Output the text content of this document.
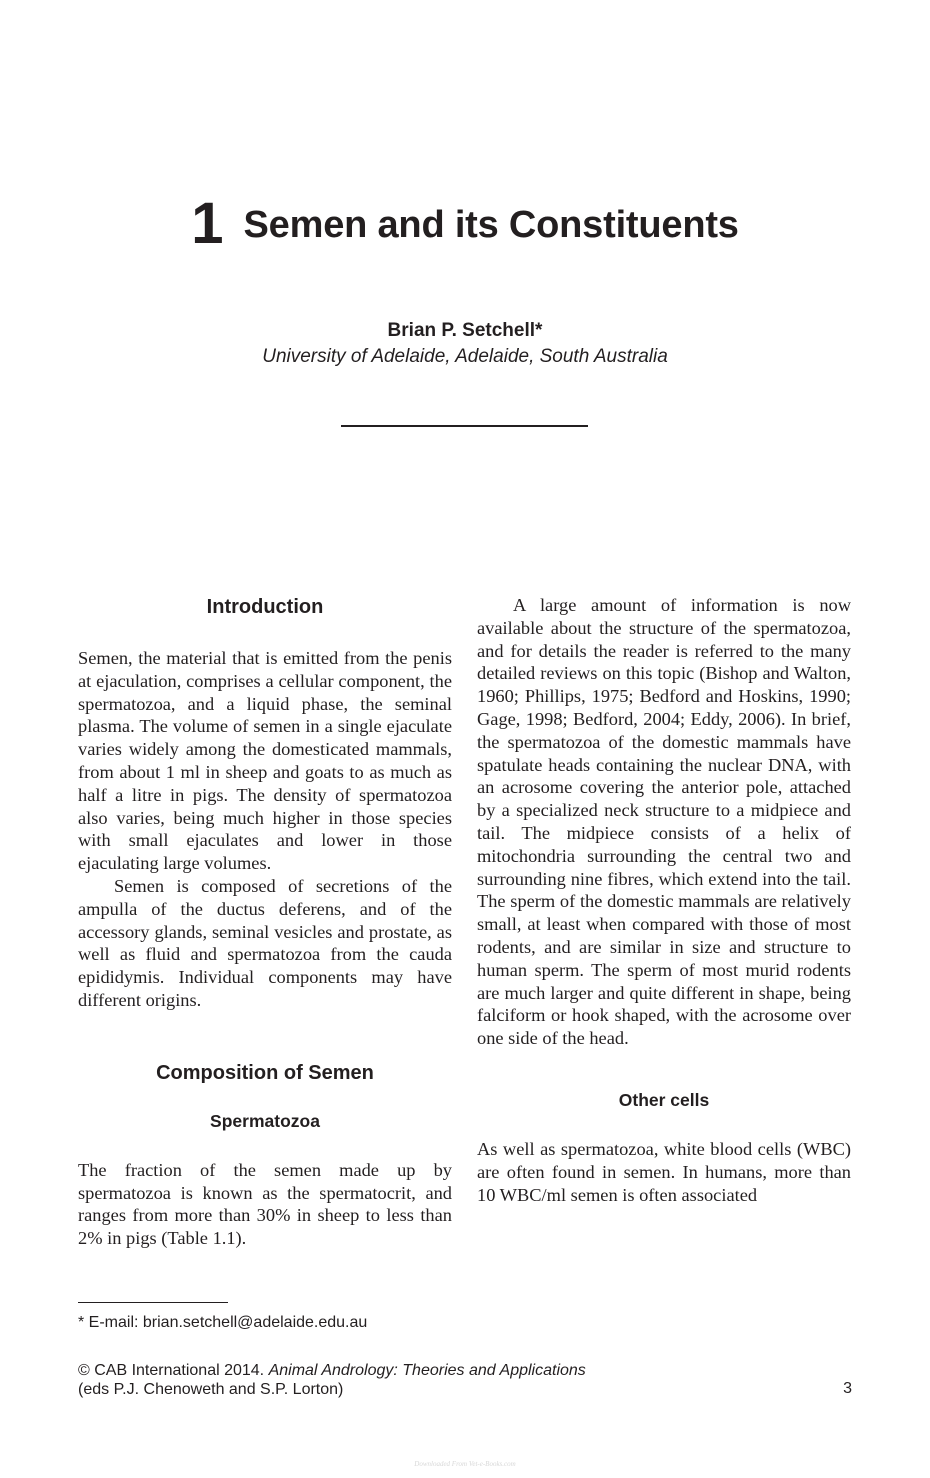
1 Semen and its Constituents
Brian P. Setchell*
University of Adelaide, Adelaide, South Australia
Introduction

Semen, the material that is emitted from the penis at ejaculation, comprises a cellular component, the spermatozoa, and a liquid phase, the seminal plasma. The volume of semen in a single ejaculate varies widely among the domesticated mammals, from about 1 ml in sheep and goats to as much as half a litre in pigs. The density of spermatozoa also varies, being much higher in those species with small ejaculates and lower in those ejaculating large volumes.

Semen is composed of secretions of the ampulla of the ductus deferens, and of the accessory glands, seminal vesicles and prostate, as well as fluid and spermatozoa from the cauda epididymis. Individual components may have different origins.

Composition of Semen
Spermatozoa

The fraction of the semen made up by spermatozoa is known as the spermatocrit, and ranges from more than 30% in sheep to less than 2% in pigs (Table 1.1).

A large amount of information is now available about the structure of the spermatozoa, and for details the reader is referred to the many detailed reviews on this topic (Bishop and Walton, 1960; Phillips, 1975; Bedford and Hoskins, 1990; Gage, 1998; Bedford, 2004; Eddy, 2006). In brief, the spermatozoa of the domestic mammals have spatulate heads containing the nuclear DNA, with an acrosome covering the anterior pole, attached by a specialized neck structure to a midpiece and tail. The midpiece consists of a helix of mitochondria surrounding the central two and surrounding nine fibres, which extend into the tail. The sperm of the domestic mammals are relatively small, at least when compared with those of most rodents, and are similar in size and structure to human sperm. The sperm of most murid rodents are much larger and quite different in shape, being falciform or hook shaped, with the acrosome over one side of the head.

Other cells

As well as spermatozoa, white blood cells (WBC) are often found in semen. In humans, more than 10 WBC/ml semen is often associated

* E-mail: brian.setchell@adelaide.edu.au
© CAB International 2014. Animal Andrology: Theories and Applications
(eds P.J. Chenoweth and S.P. Lorton)	3
Downloaded From Vet-e-Books.com
